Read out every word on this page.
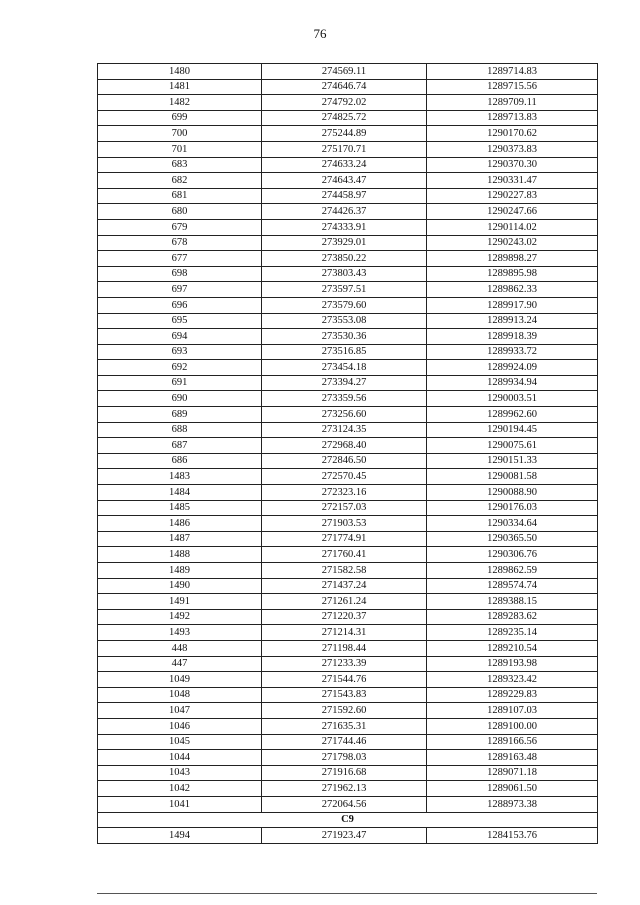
76
1480	274569.11	1289714.83
1481	274646.74	1289715.56
1482	274792.02	1289709.11
699	274825.72	1289713.83
700	275244.89	1290170.62
701	275170.71	1290373.83
683	274633.24	1290370.30
682	274643.47	1290331.47
681	274458.97	1290227.83
680	274426.37	1290247.66
679	274333.91	1290114.02
678	273929.01	1290243.02
677	273850.22	1289898.27
698	273803.43	1289895.98
697	273597.51	1289862.33
696	273579.60	1289917.90
695	273553.08	1289913.24
694	273530.36	1289918.39
693	273516.85	1289933.72
692	273454.18	1289924.09
691	273394.27	1289934.94
690	273359.56	1290003.51
689	273256.60	1289962.60
688	273124.35	1290194.45
687	272968.40	1290075.61
686	272846.50	1290151.33
1483	272570.45	1290081.58
1484	272323.16	1290088.90
1485	272157.03	1290176.03
1486	271903.53	1290334.64
1487	271774.91	1290365.50
1488	271760.41	1290306.76
1489	271582.58	1289862.59
1490	271437.24	1289574.74
1491	271261.24	1289388.15
1492	271220.37	1289283.62
1493	271214.31	1289235.14
448	271198.44	1289210.54
447	271233.39	1289193.98
1049	271544.76	1289323.42
1048	271543.83	1289229.83
1047	271592.60	1289107.03
1046	271635.31	1289100.00
1045	271744.46	1289166.56
1044	271798.03	1289163.48
1043	271916.68	1289071.18
1042	271962.13	1289061.50
1041	272064.56	1288973.38
C9		
1494	271923.47	1284153.76
